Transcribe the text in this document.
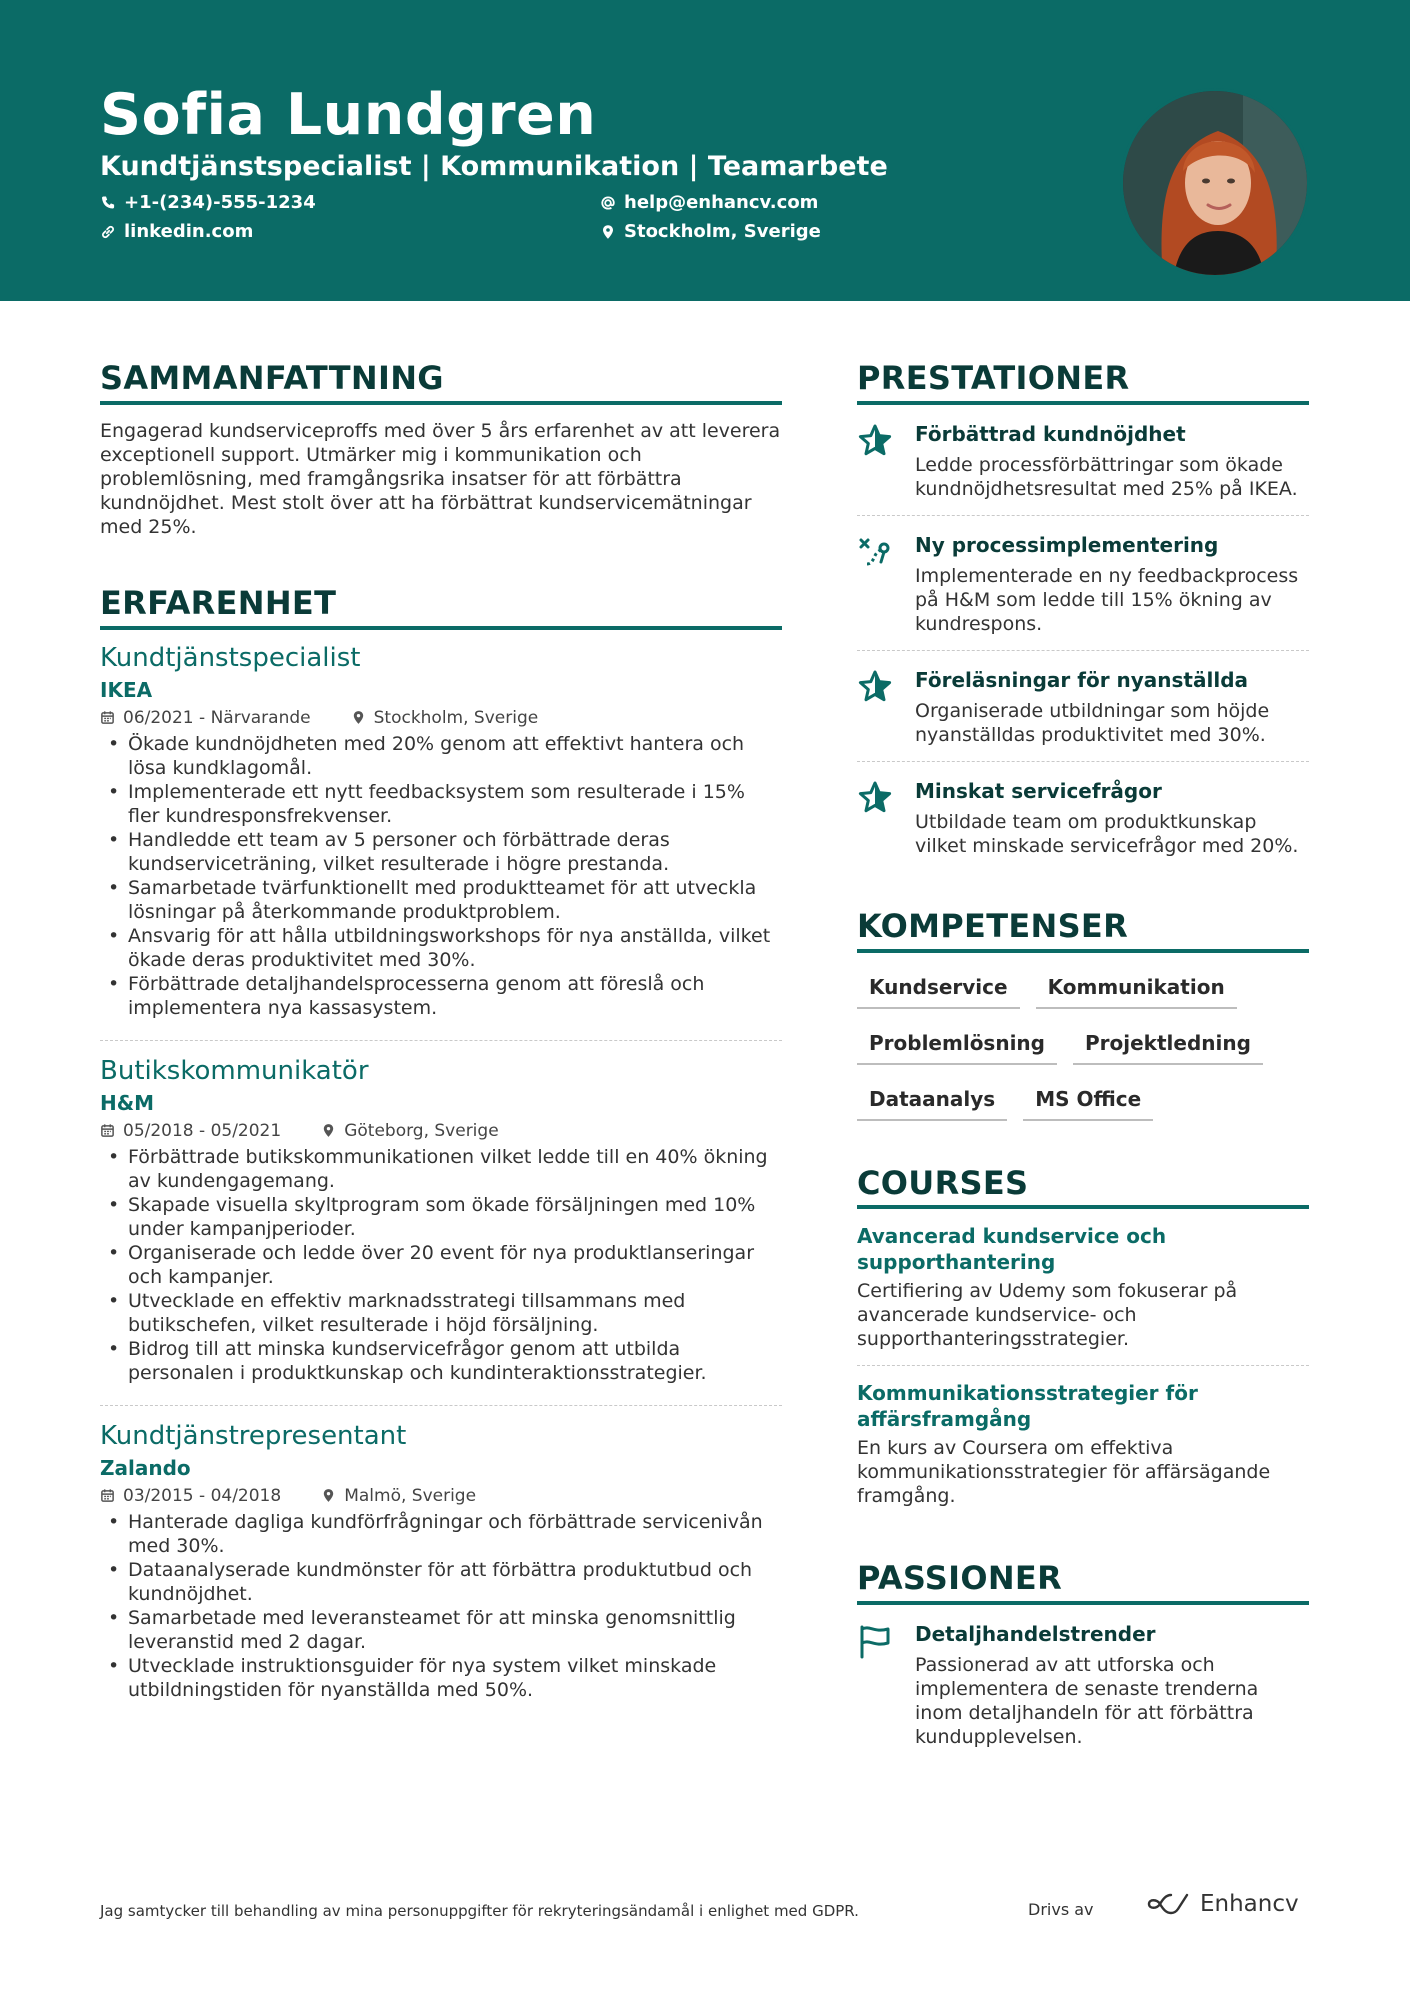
Sofia Lundgren
Kundtjänstspecialist | Kommunikation | Teamarbete
+1-(234)-555-1234	help@enhancv.com
linkedin.com	Stockholm, Sverige
SAMMANFATTNING
Engagerad kundserviceproffs med över 5 års erfarenhet av att leverera exceptionell support. Utmärker mig i kommunikation och problemlösning, med framgångsrika insatser för att förbättra kundnöjdhet. Mest stolt över att ha förbättrat kundservicemätningar med 25%.
ERFARENHET
Kundtjänstspecialist
IKEA
06/2021 - Närvarande	Stockholm, Sverige
• Ökade kundnöjdheten med 20% genom att effektivt hantera och lösa kundklagomål.
• Implementerade ett nytt feedbacksystem som resulterade i 15% fler kundresponsfrekvenser.
• Handledde ett team av 5 personer och förbättrade deras kundserviceträning, vilket resulterade i högre prestanda.
• Samarbetade tvärfunktionellt med produktteamet för att utveckla lösningar på återkommande produktproblem.
• Ansvarig för att hålla utbildningsworkshops för nya anställda, vilket ökade deras produktivitet med 30%.
• Förbättrade detaljhandelsprocesserna genom att föreslå och implementera nya kassasystem.
Butikskommunikatör
H&M
05/2018 - 05/2021	Göteborg, Sverige
• Förbättrade butikskommunikationen vilket ledde till en 40% ökning av kundengagemang.
• Skapade visuella skyltprogram som ökade försäljningen med 10% under kampanjperioder.
• Organiserade och ledde över 20 event för nya produktlanseringar och kampanjer.
• Utvecklade en effektiv marknadsstrategi tillsammans med butikschefen, vilket resulterade i höjd försäljning.
• Bidrog till att minska kundservicefrågor genom att utbilda personalen i produktkunskap och kundinteraktionsstrategier.
Kundtjänstrepresentant
Zalando
03/2015 - 04/2018	Malmö, Sverige
• Hanterade dagliga kundförfrågningar och förbättrade servicenivån med 30%.
• Dataanalyserade kundmönster för att förbättra produktutbud och kundnöjdhet.
• Samarbetade med leveransteamet för att minska genomsnittlig leveranstid med 2 dagar.
• Utvecklade instruktionsguider för nya system vilket minskade utbildningstiden för nyanställda med 50%.
PRESTATIONER
Förbättrad kundnöjdhet
Ledde processförbättringar som ökade kundnöjdhetsresultat med 25% på IKEA.
Ny processimplementering
Implementerade en ny feedbackprocess på H&M som ledde till 15% ökning av kundrespons.
Föreläsningar för nyanställda
Organiserade utbildningar som höjde nyanställdas produktivitet med 30%.
Minskat servicefrågor
Utbildade team om produktkunskap vilket minskade servicefrågor med 20%.
KOMPETENSER
Kundservice	Kommunikation
Problemlösning	Projektledning
Dataanalys	MS Office
COURSES
Avancerad kundservice och supporthantering
Certifiering av Udemy som fokuserar på avancerade kundservice- och supporthanteringsstrategier.
Kommunikationsstrategier för affärsframgång
En kurs av Coursera om effektiva kommunikationsstrategier för affärsägande framgång.
PASSIONER
Detaljhandelstrender
Passionerad av att utforska och implementera de senaste trenderna inom detaljhandeln för att förbättra kundupplevelsen.
Jag samtycker till behandling av mina personuppgifter för rekryteringsändamål i enlighet med GDPR.	Drivs av	Enhancv
